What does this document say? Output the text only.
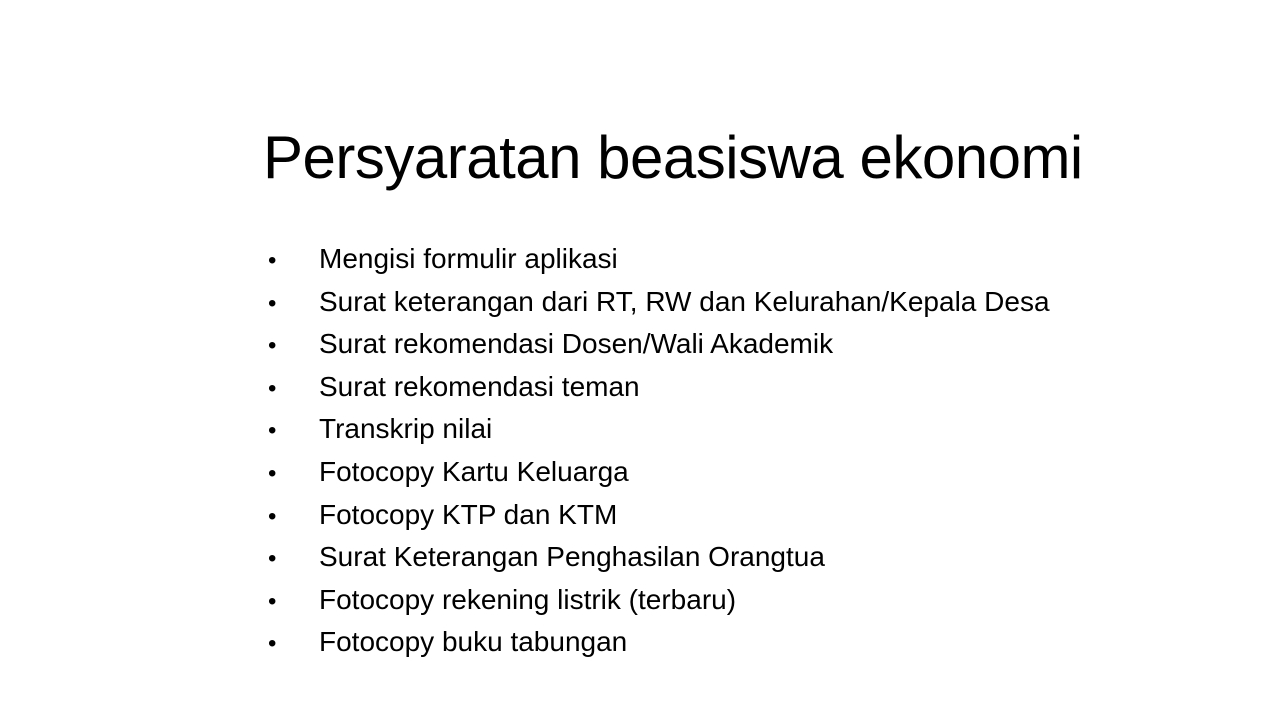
Persyaratan beasiswa ekonomi
•	Mengisi formulir aplikasi
•	Surat keterangan dari RT, RW dan Kelurahan/Kepala Desa
•	Surat rekomendasi Dosen/Wali Akademik
•	Surat rekomendasi teman
•	Transkrip nilai
•	Fotocopy Kartu Keluarga
•	Fotocopy KTP dan KTM
•	Surat Keterangan Penghasilan Orangtua
•	Fotocopy rekening listrik (terbaru)
•	Fotocopy buku tabungan
